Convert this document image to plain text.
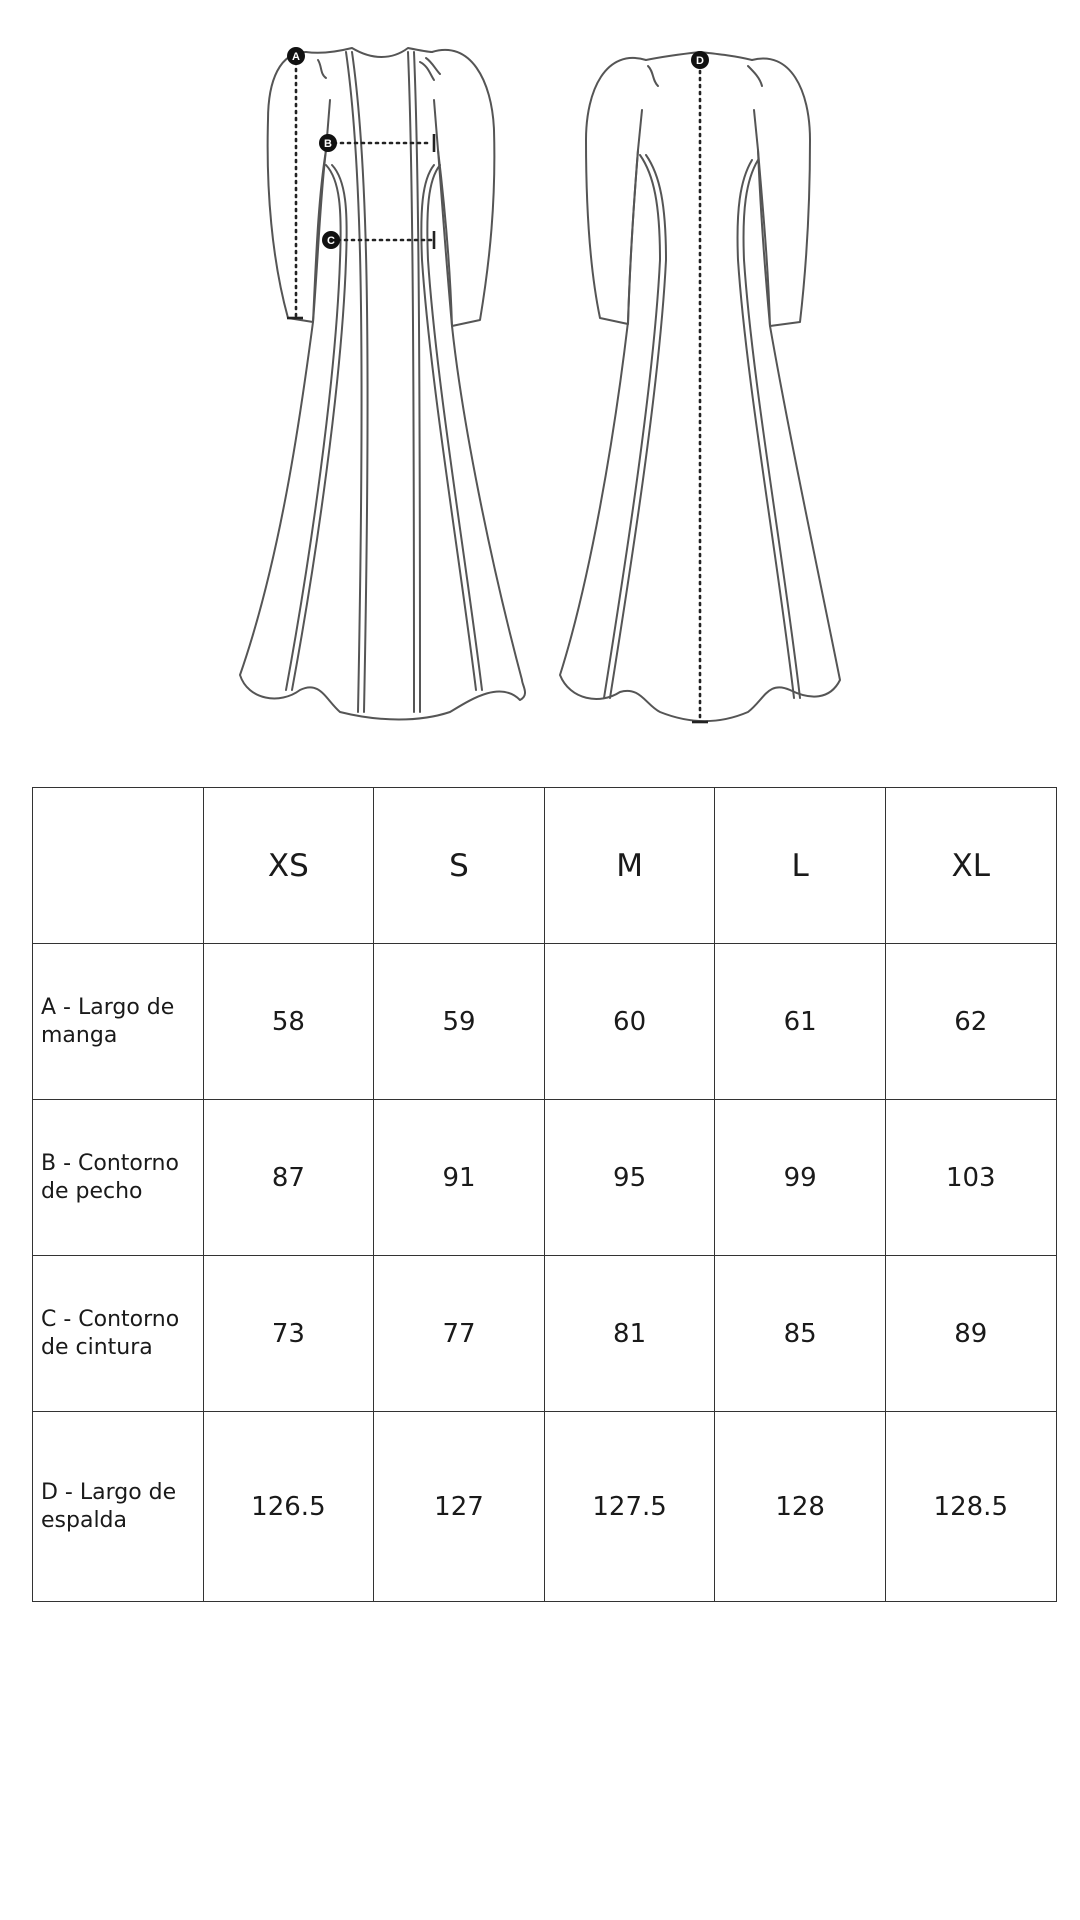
A
B
C
D
	XS	S	M	L	XL
A - Largo de manga	58	59	60	61	62
B - Contorno de pecho	87	91	95	99	103
C - Contorno de cintura	73	77	81	85	89
D - Largo de espalda	126.5	127	127.5	128	128.5
